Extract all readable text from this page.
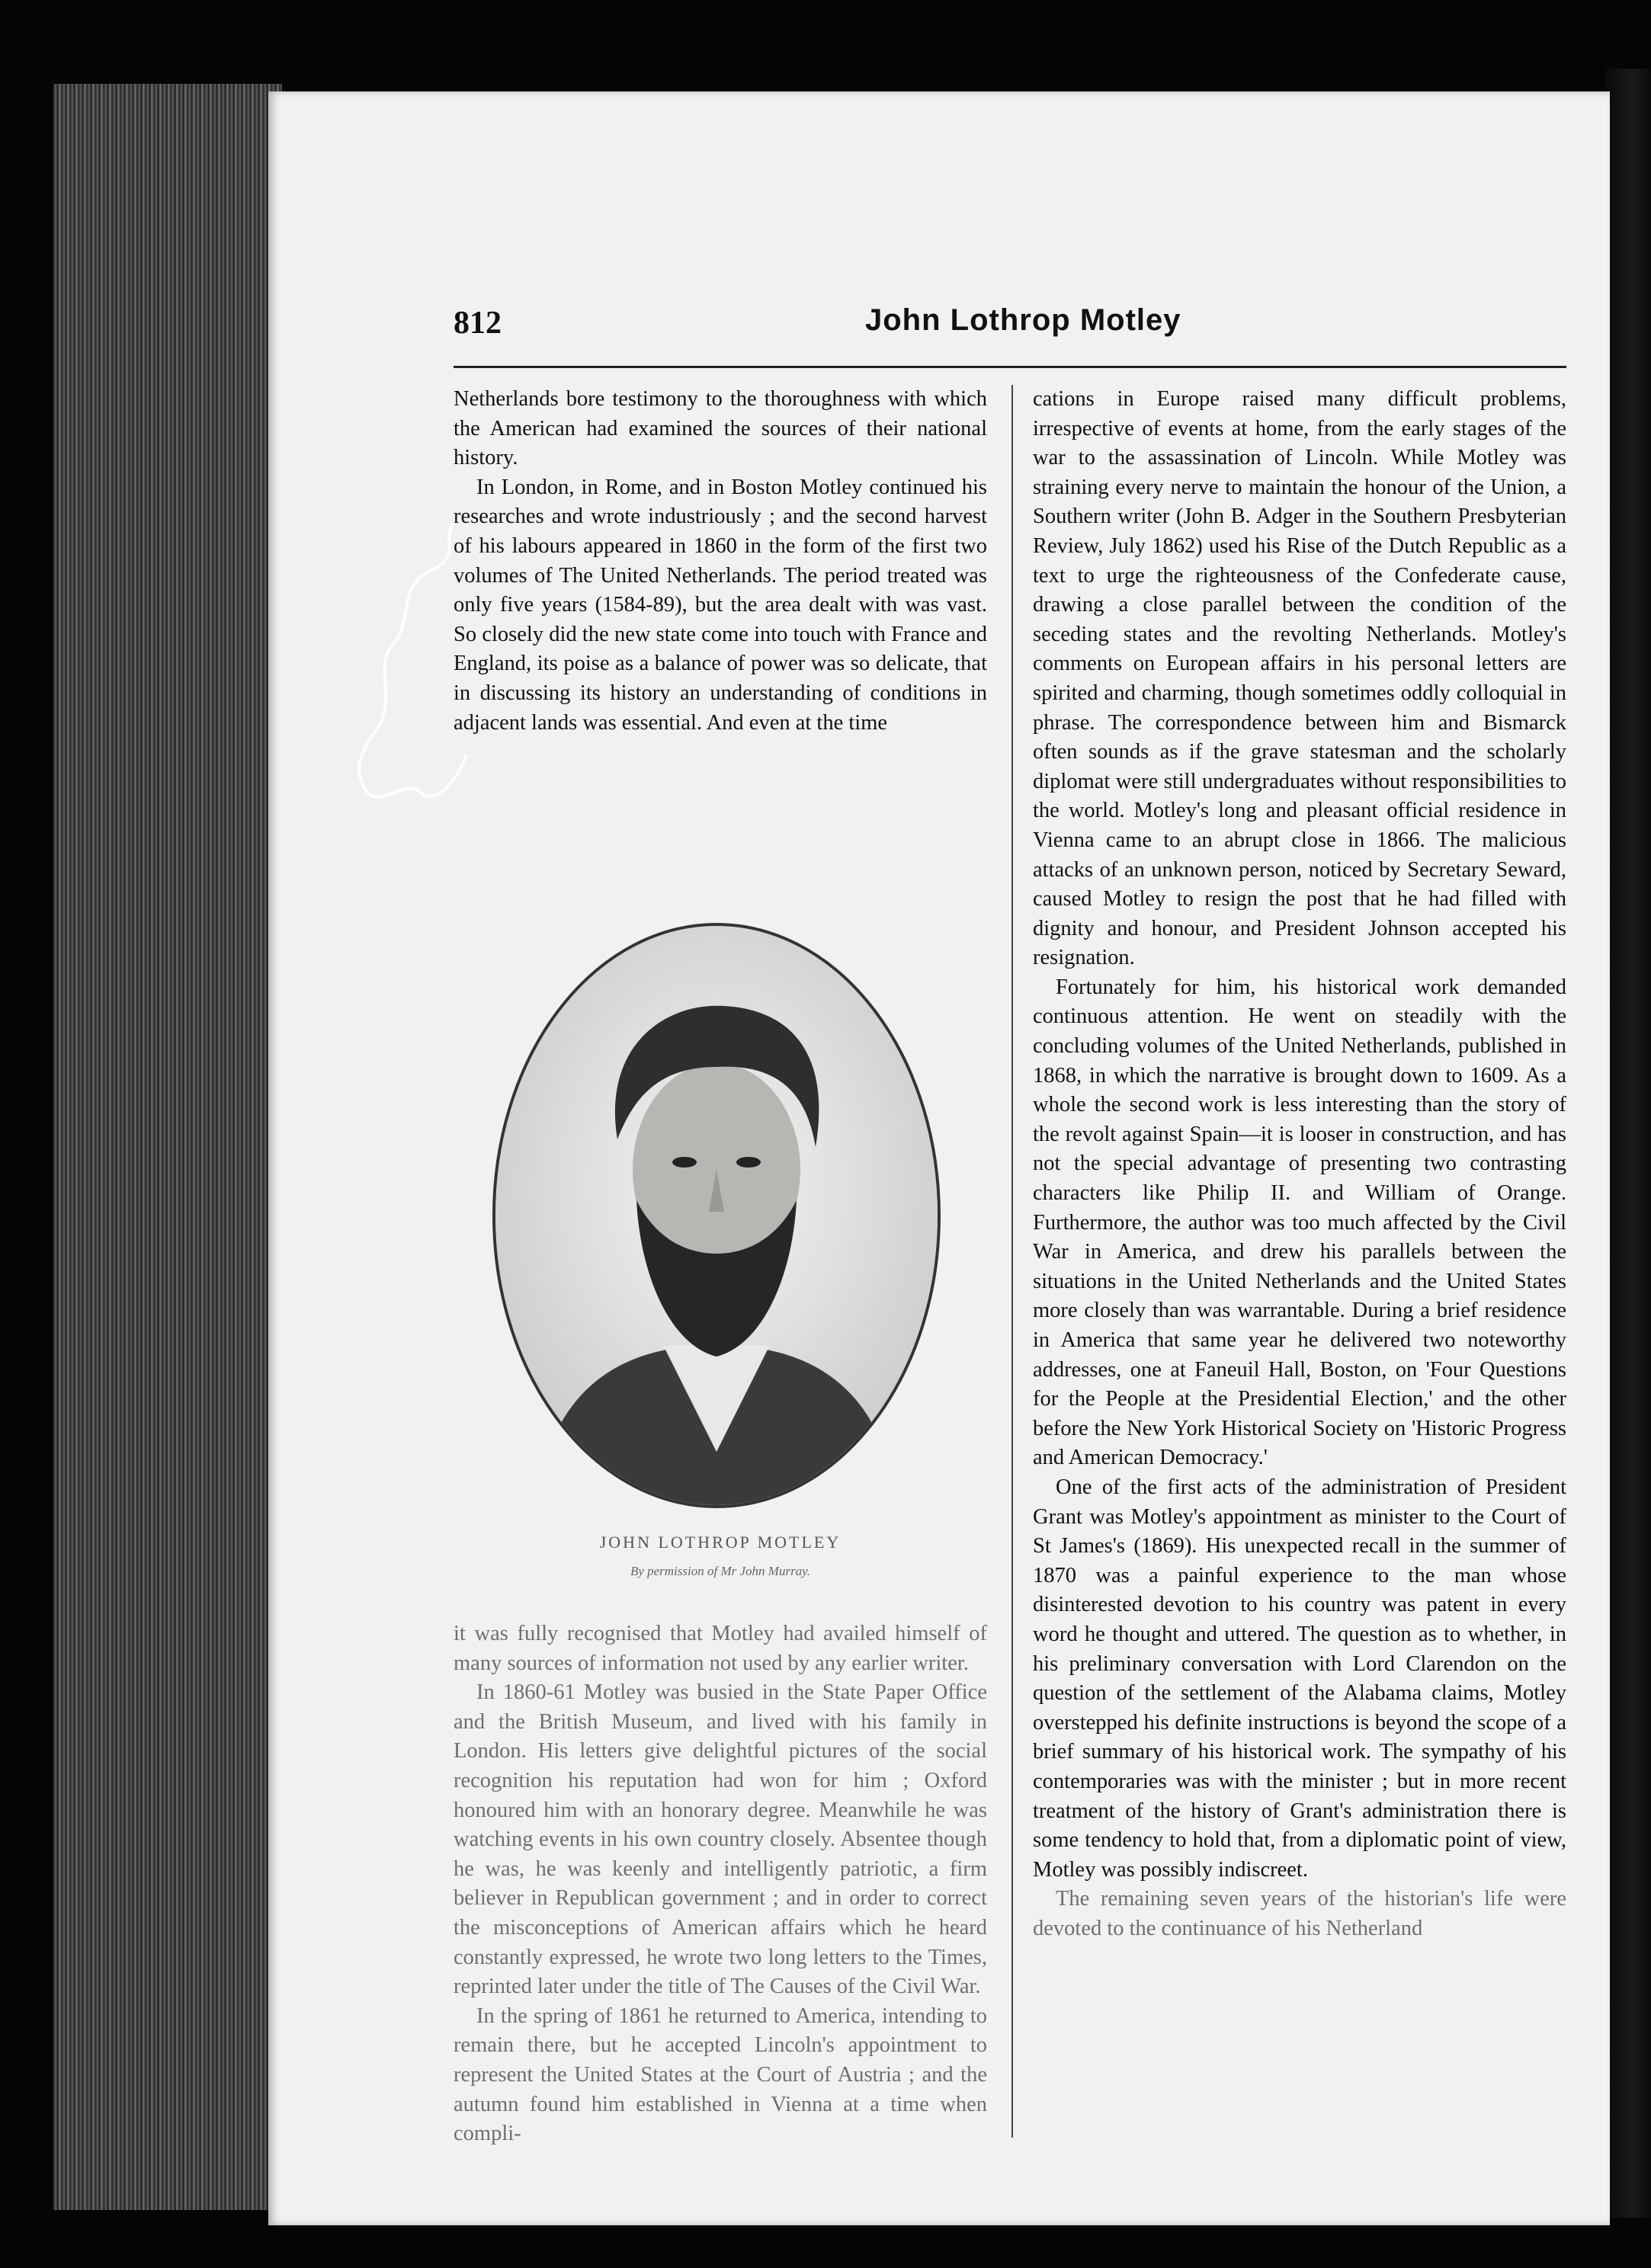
812	John Lothrop Motley

Netherlands bore testimony to the thoroughness with which the American had examined the sources of their national history.

In London, in Rome, and in Boston Motley continued his researches and wrote industriously ; and the second harvest of his labours appeared in 1860 in the form of the first two volumes of The United Netherlands. The period treated was only five years (1584-89), but the area dealt with was vast. So closely did the new state come into touch with France and England, its poise as a balance of power was so delicate, that in discussing its history an understanding of conditions in adjacent lands was essential. And even at the time

JOHN LOTHROP MOTLEY
By permission of Mr John Murray.

it was fully recognised that Motley had availed himself of many sources of information not used by any earlier writer.

In 1860-61 Motley was busied in the State Paper Office and the British Museum, and lived with his family in London. His letters give delightful pictures of the social recognition his reputation had won for him ; Oxford honoured him with an honorary degree. Meanwhile he was watching events in his own country closely. Absentee though he was, he was keenly and intelligently patriotic, a firm believer in Republican government ; and in order to correct the misconceptions of American affairs which he heard constantly expressed, he wrote two long letters to the Times, reprinted later under the title of The Causes of the Civil War.

In the spring of 1861 he returned to America, intending to remain there, but he accepted Lincoln's appointment to represent the United States at the Court of Austria ; and the autumn found him established in Vienna at a time when compli-

cations in Europe raised many difficult problems, irrespective of events at home, from the early stages of the war to the assassination of Lincoln. While Motley was straining every nerve to maintain the honour of the Union, a Southern writer (John B. Adger in the Southern Presbyterian Review, July 1862) used his Rise of the Dutch Republic as a text to urge the righteousness of the Confederate cause, drawing a close parallel between the condition of the seceding states and the revolting Netherlands. Motley's comments on European affairs in his personal letters are spirited and charming, though sometimes oddly colloquial in phrase. The correspondence between him and Bismarck often sounds as if the grave statesman and the scholarly diplomat were still undergraduates without responsibilities to the world. Motley's long and pleasant official residence in Vienna came to an abrupt close in 1866. The malicious attacks of an unknown person, noticed by Secretary Seward, caused Motley to resign the post that he had filled with dignity and honour, and President Johnson accepted his resignation.

Fortunately for him, his historical work demanded continuous attention. He went on steadily with the concluding volumes of the United Netherlands, published in 1868, in which the narrative is brought down to 1609. As a whole the second work is less interesting than the story of the revolt against Spain—it is looser in construction, and has not the special advantage of presenting two contrasting characters like Philip II. and William of Orange. Furthermore, the author was too much affected by the Civil War in America, and drew his parallels between the situations in the United Netherlands and the United States more closely than was warrantable. During a brief residence in America that same year he delivered two noteworthy addresses, one at Faneuil Hall, Boston, on 'Four Questions for the People at the Presidential Election,' and the other before the New York Historical Society on 'Historic Progress and American Democracy.'

One of the first acts of the administration of President Grant was Motley's appointment as minister to the Court of St James's (1869). His unexpected recall in the summer of 1870 was a painful experience to the man whose disinterested devotion to his country was patent in every word he thought and uttered. The question as to whether, in his preliminary conversation with Lord Clarendon on the question of the settlement of the Alabama claims, Motley overstepped his definite instructions is beyond the scope of a brief summary of his historical work. The sympathy of his contemporaries was with the minister ; but in more recent treatment of the history of Grant's administration there is some tendency to hold that, from a diplomatic point of view, Motley was possibly indiscreet.

The remaining seven years of the historian's life were devoted to the continuance of his Netherland
